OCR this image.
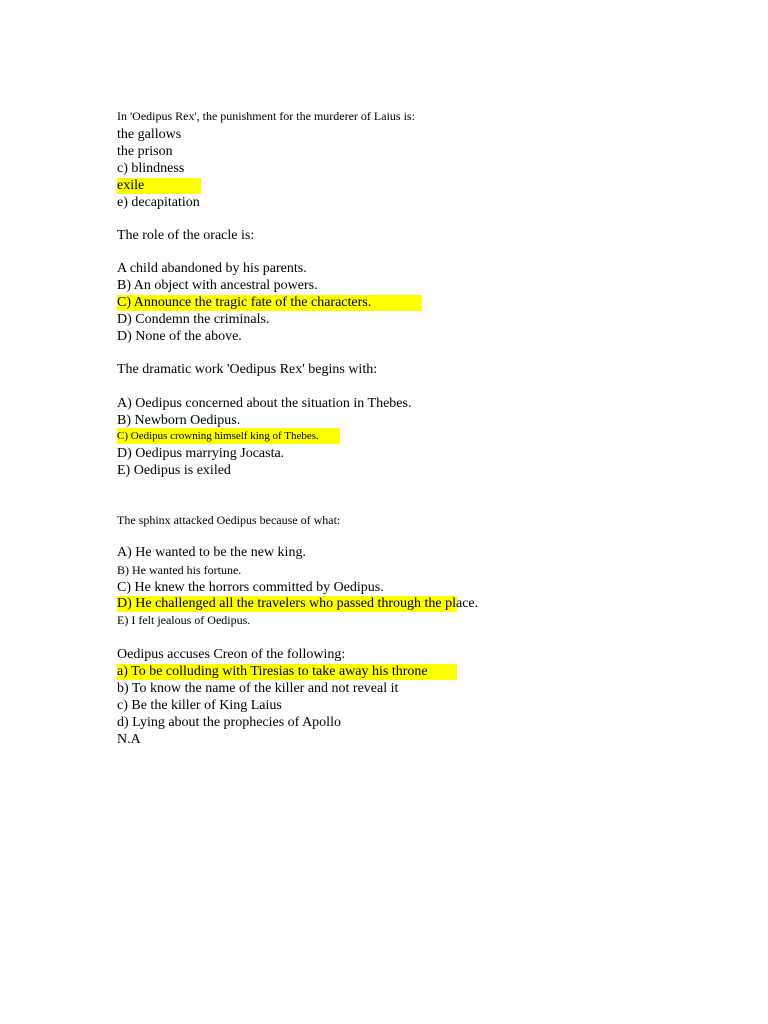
In 'Oedipus Rex', the punishment for the murderer of Laius is:
the gallows
the prison
c) blindness
exile
e) decapitation
The role of the oracle is:
A child abandoned by his parents.
B) An object with ancestral powers.
C) Announce the tragic fate of the characters.
D) Condemn the criminals.
D) None of the above.
The dramatic work 'Oedipus Rex' begins with:
A) Oedipus concerned about the situation in Thebes.
B) Newborn Oedipus.
C) Oedipus crowning himself king of Thebes.
D) Oedipus marrying Jocasta.
E) Oedipus is exiled
The sphinx attacked Oedipus because of what:
A) He wanted to be the new king.
B) He wanted his fortune.
C) He knew the horrors committed by Oedipus.
D) He challenged all the travelers who passed through the place.
E) I felt jealous of Oedipus.
Oedipus accuses Creon of the following:
a) To be colluding with Tiresias to take away his throne
b) To know the name of the killer and not reveal it
c) Be the killer of King Laius
d) Lying about the prophecies of Apollo
N.A
